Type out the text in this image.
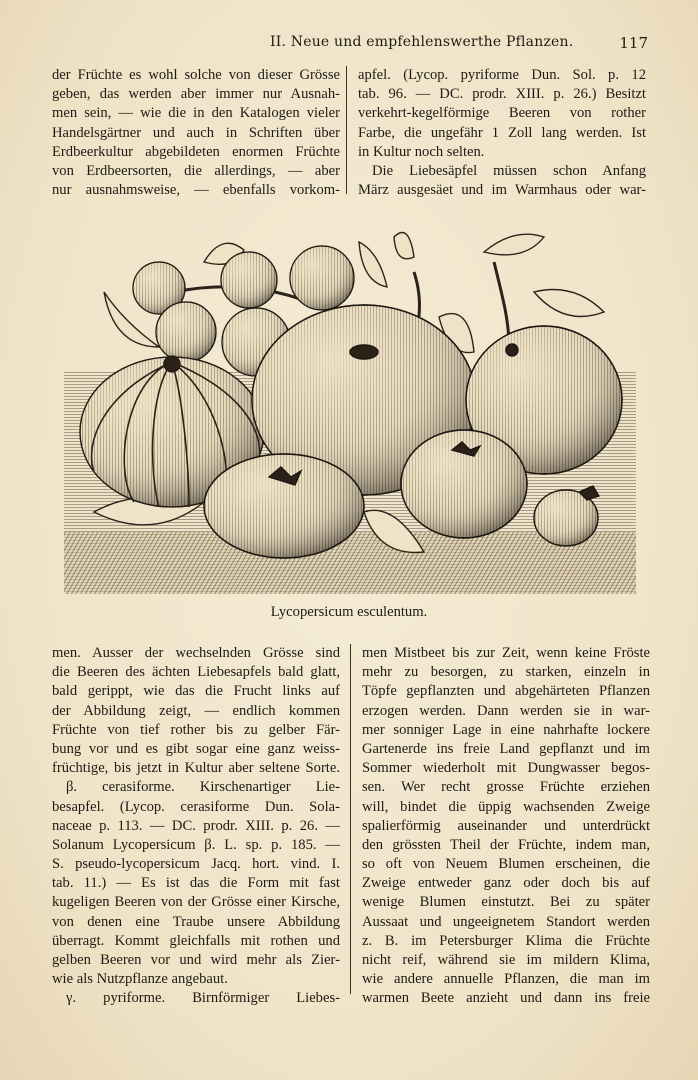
II. Neue und empfehlenswerthe Pflanzen.	117
der Früchte es wohl solche von dieser Grösse
geben, das werden aber immer nur Ausnah-
men sein, — wie die in den Katalogen vieler
Handelsgärtner und auch in Schriften über
Erdbeerkultur abgebildeten enormen Früchte
von Erdbeersorten, die allerdings, — aber
nur ausnahmsweise, — ebenfalls vorkom-
apfel. (Lycop. pyriforme Dun. Sol. p. 12
tab. 96. — DC. prodr. XIII. p. 26.) Besitzt
verkehrt-kegelförmige Beeren von rother
Farbe, die ungefähr 1 Zoll lang werden. Ist
in Kultur noch selten.
Die Liebesäpfel müssen schon Anfang
März ausgesäet und im Warmhaus oder war-
Lycopersicum esculentum.
men. Ausser der wechselnden Grösse sind
die Beeren des ächten Liebesapfels bald glatt,
bald gerippt, wie das die Frucht links auf
der Abbildung zeigt, — endlich kommen
Früchte von tief rother bis zu gelber Fär-
bung vor und es gibt sogar eine ganz weiss-
früchtige, bis jetzt in Kultur aber seltene Sorte.
β. cerasiforme. Kirschenartiger Lie-
besapfel. (Lycop. cerasiforme Dun. Sola-
naceae p. 113. — DC. prodr. XIII. p. 26. —
Solanum Lycopersicum β. L. sp. p. 185. —
S. pseudo-lycopersicum Jacq. hort. vind. I.
tab. 11.) — Es ist das die Form mit fast
kugeligen Beeren von der Grösse einer Kirsche,
von denen eine Traube unsere Abbildung
überragt. Kommt gleichfalls mit rothen und
gelben Beeren vor und wird mehr als Zier-
wie als Nutzpflanze angebaut.
γ. pyriforme. Birnförmiger Liebes-
men Mistbeet bis zur Zeit, wenn keine Fröste
mehr zu besorgen, zu starken, einzeln in
Töpfe gepflanzten und abgehärteten Pflanzen
erzogen werden. Dann werden sie in war-
mer sonniger Lage in eine nahrhafte lockere
Gartenerde ins freie Land gepflanzt und im
Sommer wiederholt mit Dungwasser begos-
sen. Wer recht grosse Früchte erziehen
will, bindet die üppig wachsenden Zweige
spalierförmig auseinander und unterdrückt
den grössten Theil der Früchte, indem man,
so oft von Neuem Blumen erscheinen, die
Zweige entweder ganz oder doch bis auf
wenige Blumen einstutzt. Bei zu später
Aussaat und ungeeignetem Standort werden
z. B. im Petersburger Klima die Früchte
nicht reif, während sie im mildern Klima,
wie andere annuelle Pflanzen, die man im
warmen Beete anzieht und dann ins freie
